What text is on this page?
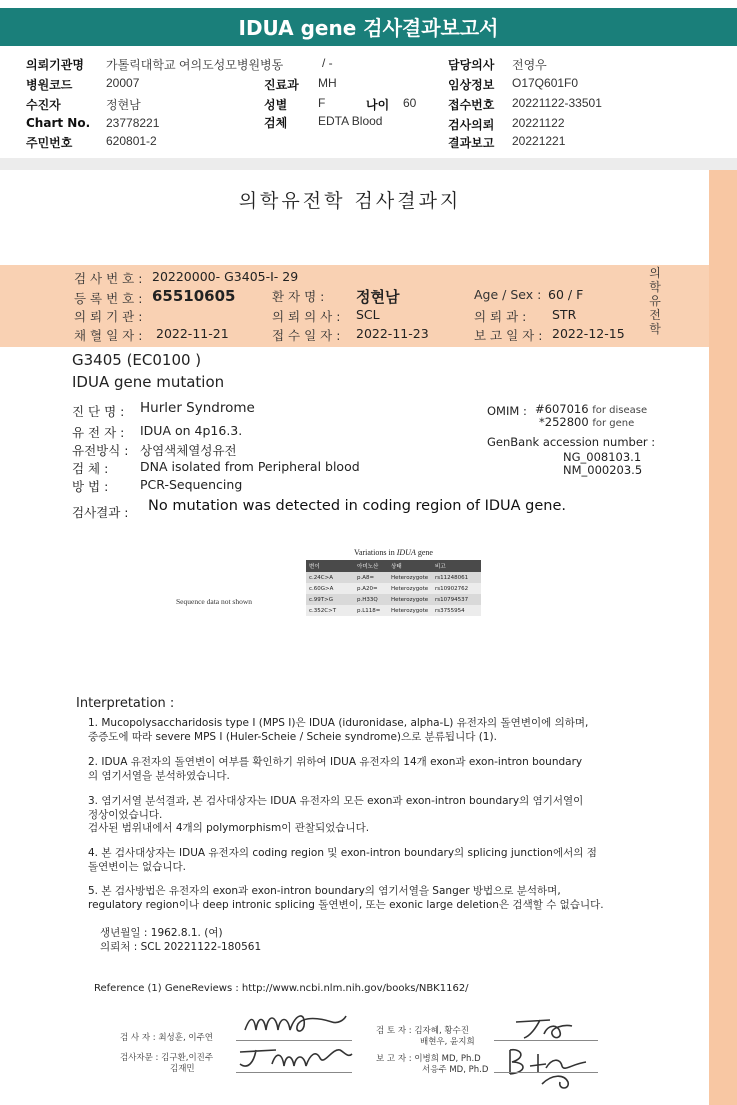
IDUA gene 검사결과보고서
의뢰기관명 가톨릭대학교 여의도성모병원병동	/ -	담당의사 전영우
병원코드	20007	진료과 MH	임상정보 O17Q601F0
수진자	정현남	성별	F	나이 60	접수번호 20221122-33501
Chart No. 23778221	검체	EDTA Blood	검사의뢰 20221122
주민번호	620801-2	결과보고 20221221
의학유전학 검사결과지
검 사 번 호 : 20220000- G3405-I- 29
등 록 번 호 : 65510605	환 자 명 : 정현남	Age / Sex : 60 / F
의 뢰 기 관 :	의 뢰 의 사 : SCL	의 뢰 과 : STR
채 혈 일 자 : 2022-11-21	접 수 일 자 : 2022-11-23	보 고 일 자 : 2022-12-15
의
학
유
전
학
G3405 (EC0100 )
IDUA gene mutation
진 단 명 :	Hurler Syndrome
유 전 자 :	IDUA on 4p16.3.
유전방식 : 상염색체열성유전
검 체 :	DNA isolated from Peripheral blood
방 법 :	PCR-Sequencing
OMIM : #607016 for disease
*252800 for gene
GenBank accession number :
NG_008103.1
NM_000203.5
검사결과 : No mutation was detected in coding region of IDUA gene.
Variations in IDUA gene
변이	아미노산	상태	비고
c.24C>A	p.A8=	Heterozygote	rs11248061
c.60G>A	p.A20=	Heterozygote	rs10902762
c.99T>G	p.H33Q	Heterozygote	rs10794537
c.352C>T	p.L118=	Heterozygote	rs3755954
Sequence data not shown
Interpretation :
1. Mucopolysaccharidosis type I (MPS I)은 IDUA (iduronidase, alpha-L) 유전자의 돌연변이에 의하며,
중증도에 따라 severe MPS I (Huler-Scheie / Scheie syndrome)으로 분류됩니다 (1).
2. IDUA 유전자의 돌연변이 여부를 확인하기 위하여 IDUA 유전자의 14개 exon과 exon-intron boundary
의 염기서열을 분석하였습니다.
3. 염기서열 분석결과, 본 검사대상자는 IDUA 유전자의 모든 exon과 exon-intron boundary의 염기서열이
정상이었습니다.
검사된 범위내에서 4개의 polymorphism이 관찰되었습니다.
4. 본 검사대상자는 IDUA 유전자의 coding region 및 exon-intron boundary의 splicing junction에서의 점
돌연변이는 없습니다.
5. 본 검사방법은 유전자의 exon과 exon-intron boundary의 염기서열을 Sanger 방법으로 분석하며,
regulatory region이나 deep intronic splicing 돌연변이, 또는 exonic large deletion은 검색할 수 없습니다.
생년월일 : 1962.8.1. (여)
의뢰처 : SCL 20221122-180561
Reference (1) GeneReviews : http://www.ncbi.nlm.nih.gov/books/NBK1162/
검 사 자 : 최성훈, 이주연
검사자문 : 김구환,이진주
김재민
검 토 자 : 김자혜, 황수진
배현우, 윤지희
보 고 자 : 이병희 MD, Ph.D
서응주 MD, Ph.D
